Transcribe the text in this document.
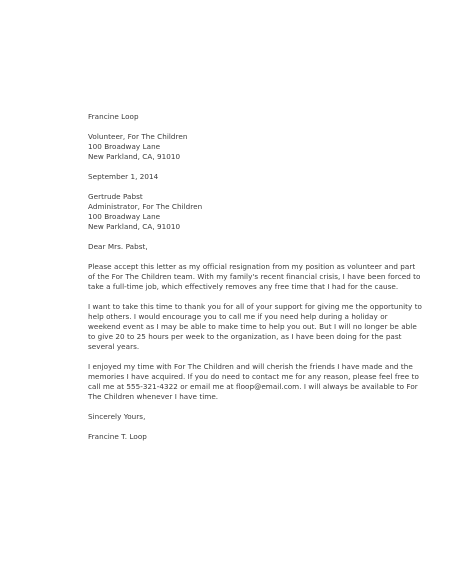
Francine Loop
Volunteer, For The Children
100 Broadway Lane
New Parkland, CA, 91010
September 1, 2014
Gertrude Pabst
Administrator, For The Children
100 Broadway Lane
New Parkland, CA, 91010
Dear Mrs. Pabst,
Please accept this letter as my official resignation from my position as volunteer and part
of the For The Children team. With my family's recent financial crisis, I have been forced to
take a full-time job, which effectively removes any free time that I had for the cause.
I want to take this time to thank you for all of your support for giving me the opportunity to
help others. I would encourage you to call me if you need help during a holiday or
weekend event as I may be able to make time to help you out. But I will no longer be able
to give 20 to 25 hours per week to the organization, as I have been doing for the past
several years.
I enjoyed my time with For The Children and will cherish the friends I have made and the
memories I have acquired. If you do need to contact me for any reason, please feel free to
call me at 555-321-4322 or email me at floop@email.com. I will always be available to For
The Children whenever I have time.
Sincerely Yours,
Francine T. Loop
